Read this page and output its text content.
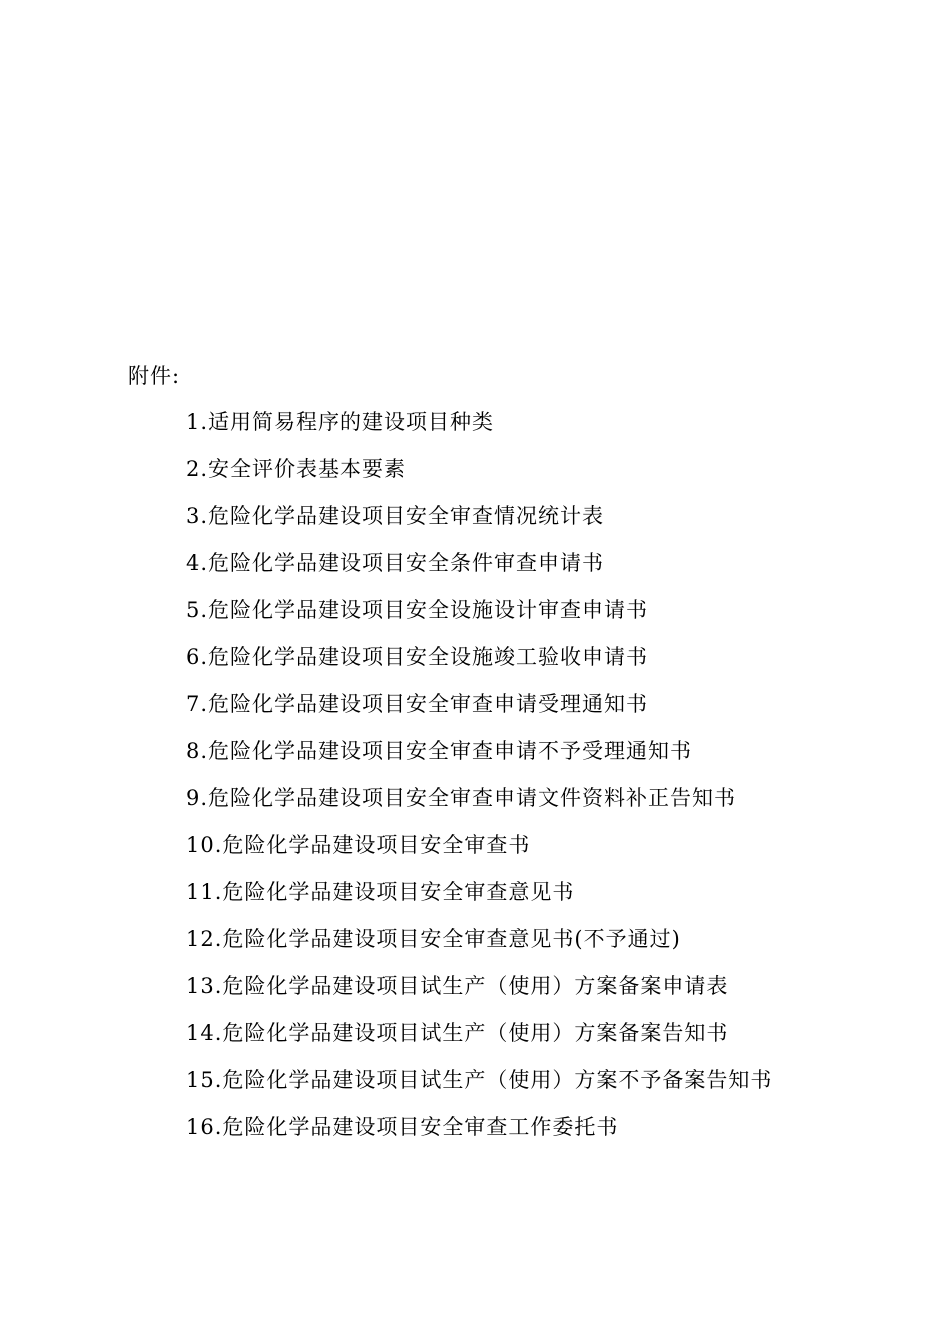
附件:
1.适用简易程序的建设项目种类
2.安全评价表基本要素
3.危险化学品建设项目安全审查情况统计表
4.危险化学品建设项目安全条件审查申请书
5.危险化学品建设项目安全设施设计审查申请书
6.危险化学品建设项目安全设施竣工验收申请书
7.危险化学品建设项目安全审查申请受理通知书
8.危险化学品建设项目安全审查申请不予受理通知书
9.危险化学品建设项目安全审查申请文件资料补正告知书
10.危险化学品建设项目安全审查书
11.危险化学品建设项目安全审查意见书
12.危险化学品建设项目安全审查意见书(不予通过)
13.危险化学品建设项目试生产（使用）方案备案申请表
14.危险化学品建设项目试生产（使用）方案备案告知书
15.危险化学品建设项目试生产（使用）方案不予备案告知书
16.危险化学品建设项目安全审查工作委托书
